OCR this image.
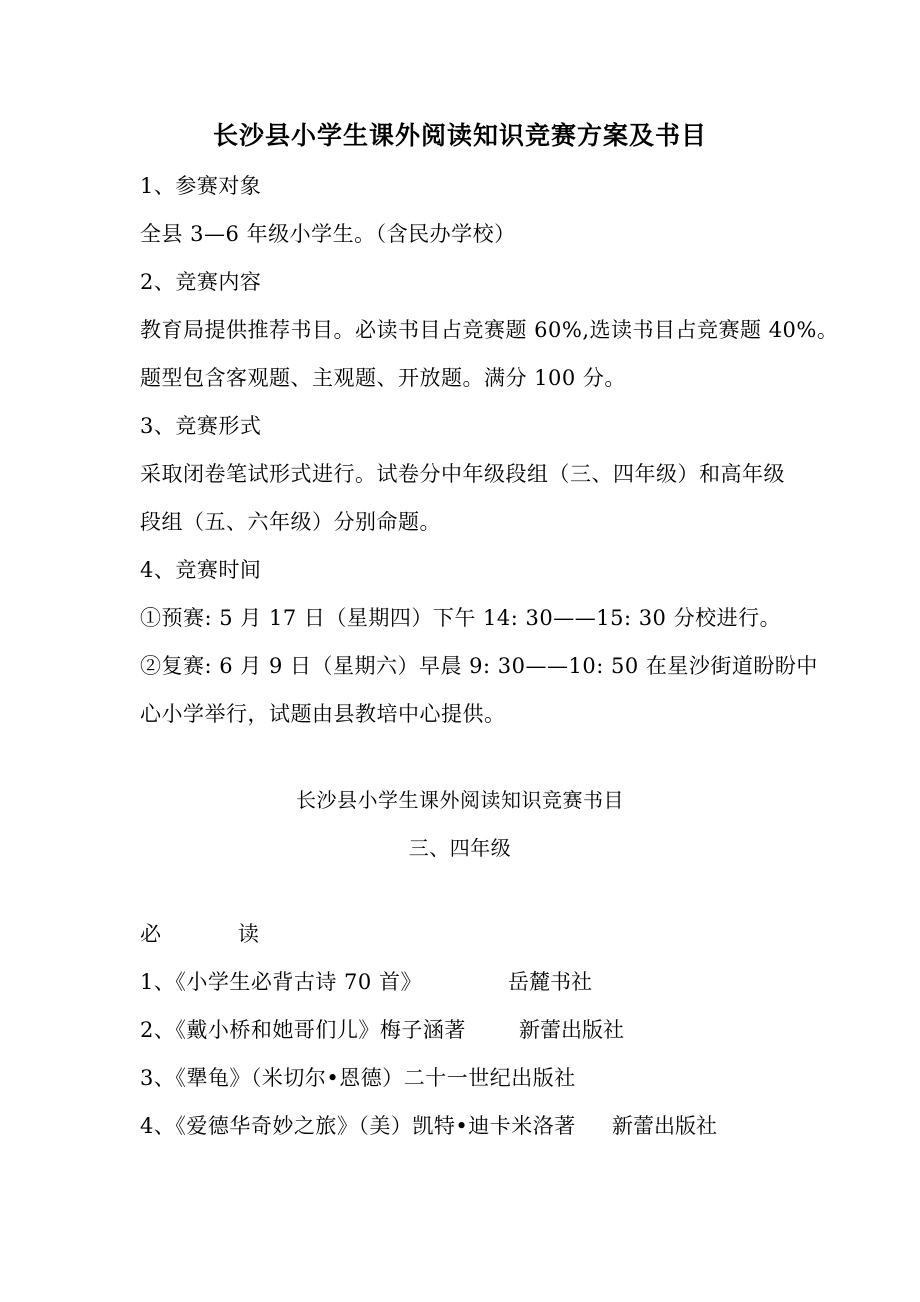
长沙县小学生课外阅读知识竞赛方案及书目
1、参赛对象
全县 3—6 年级小学生。（含民办学校）
2、竞赛内容
教育局提供推荐书目。必读书目占竞赛题 60%,选读书目占竞赛题 40%。
题型包含客观题、主观题、开放题。满分 100 分。
3、竞赛形式
采取闭卷笔试形式进行。试卷分中年级段组（三、四年级）和高年级
段组（五、六年级）分别命题。
4、竞赛时间
①预赛: 5 月 17 日（星期四）下午 14: 30——15: 30 分校进行。
②复赛: 6 月 9 日（星期六）早晨 9: 30——10: 50 在星沙街道盼盼中
心小学举行，试题由县教培中心提供。
长沙县小学生课外阅读知识竞赛书目
三、四年级
必	读
1、《小学生必背古诗 70 首》	岳麓书社
2、《戴小桥和她哥们儿》梅子涵著	新蕾出版社
3、《犟龟》（米切尔•恩德）二十一世纪出版社
4、《爱德华奇妙之旅》（美）凯特•迪卡米洛著 新蕾出版社
